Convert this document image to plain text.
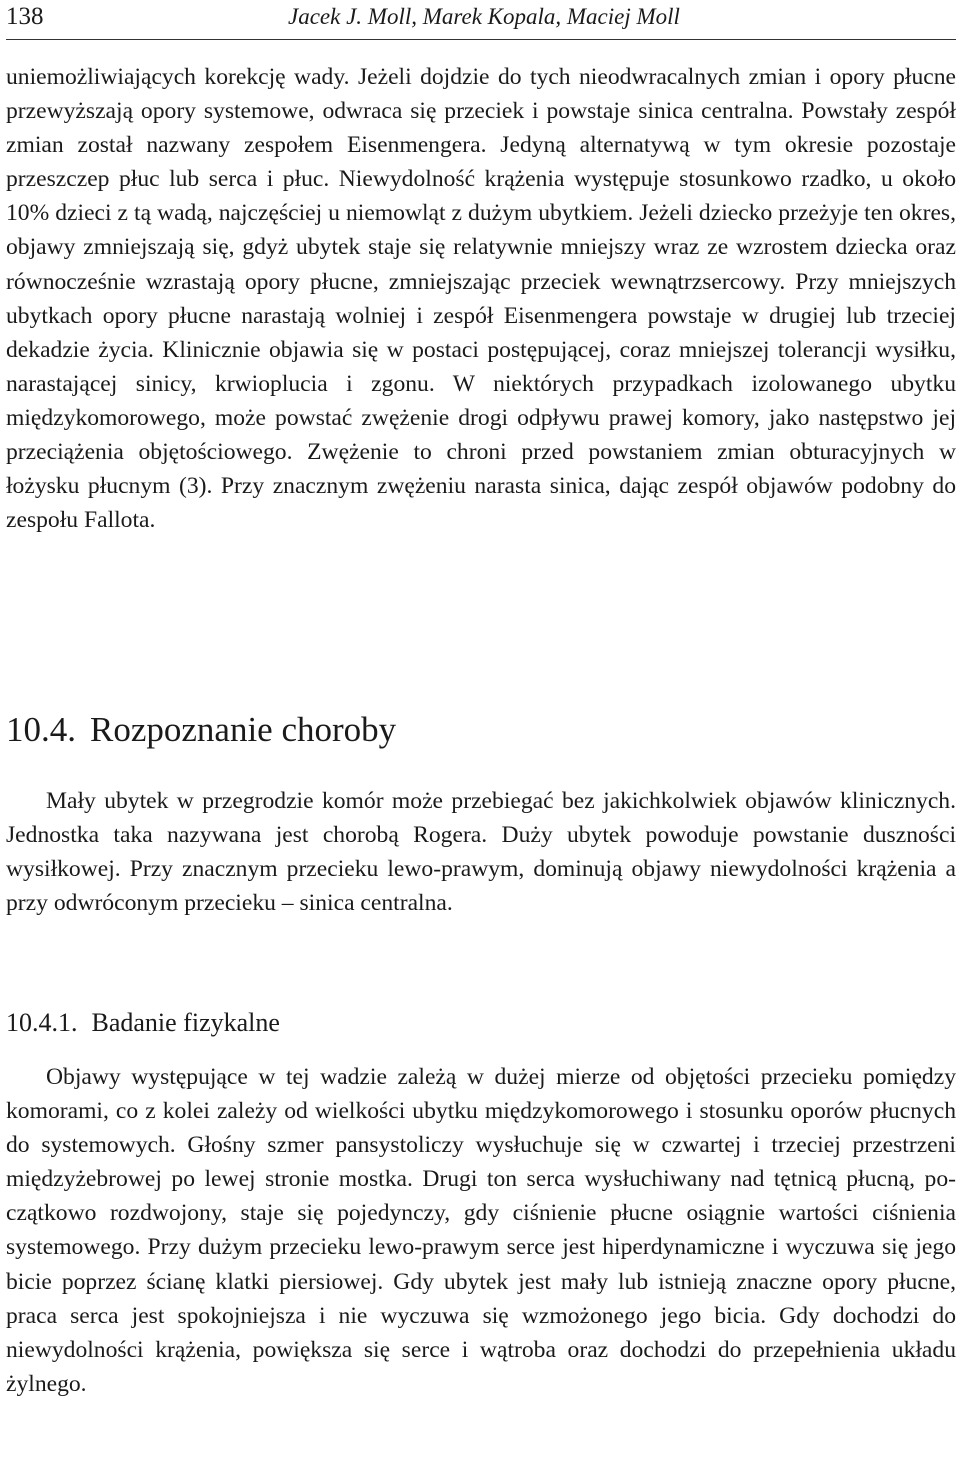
138	Jacek J. Moll, Marek Kopala, Maciej Moll

uniemożliwiających korekcję wady. Jeżeli dojdzie do tych nieodwracalnych zmian i opory płucne przewyższają opory systemowe, odwraca się przeciek i powstaje sinica centralna. Powstały zespół zmian został nazwany zespołem Eisenmengera. Jedyną alternatywą w tym okresie pozostaje przeszczep płuc lub serca i płuc. Niewydolność krążenia występuje stosunkowo rzadko, u około 10% dzieci z tą wadą, najczęściej u niemowląt z dużym ubytkiem. Jeżeli dziecko przeżyje ten okres, objawy zmniejszają się, gdyż ubytek staje się relatywnie mniejszy wraz ze wzrostem dziecka oraz równocześnie wzrastają opory płucne, zmniejszając przeciek wewnątrzsercowy. Przy mniejszych ubytkach opory płucne narastają wolniej i zespół Eisenmengera powstaje w drugiej lub trzeciej dekadzie życia. Klinicznie objawia się w postaci postępującej, coraz mniejszej tolerancji wysiłku, narastającej sinicy, krwioplucia i zgonu. W niektórych przypadkach izolowanego ubytku międzykomorowego, może powstać zwężenie drogi odpływu prawej komory, jako następstwo jej przeciążenia objętościowego. Zwężenie to chroni przed powstaniem zmian obturacyjnych w łożysku płucnym (3). Przy znacznym zwężeniu narasta sinica, dając zespół objawów podobny do zespołu Fallota.

10.4. Rozpoznanie choroby

Mały ubytek w przegrodzie komór może przebiegać bez jakichkolwiek objawów klinicznych. Jednostka taka nazywana jest chorobą Rogera. Duży ubytek powoduje powstanie duszności wysiłkowej. Przy znacznym przecieku lewo-prawym, dominują objawy niewydolności krążenia a przy odwróconym przecieku – sinica centralna.

10.4.1. Badanie fizykalne

Objawy występujące w tej wadzie zależą w dużej mierze od objętości przecieku pomiędzy komorami, co z kolei zależy od wielkości ubytku międzykomorowego i stosunku oporów płucnych do systemowych. Głośny szmer pansystoliczy wysłuchuje się w czwartej i trzeciej przestrzeni międzyżebrowej po lewej stronie mostka. Drugi ton serca wysłuchiwany nad tętnicą płucną, początkowo rozdwojony, staje się pojedynczy, gdy ciśnienie płucne osiągnie wartości ciśnienia systemowego. Przy dużym przecieku lewo-prawym serce jest hiperdynamiczne i wyczuwa się jego bicie poprzez ścianę klatki piersiowej. Gdy ubytek jest mały lub istnieją znaczne opory płucne, praca serca jest spokojniejsza i nie wyczuwa się wzmożonego jego bicia. Gdy dochodzi do niewydolności krążenia, powiększa się serce i wątroba oraz dochodzi do przepełnienia układu żylnego.
